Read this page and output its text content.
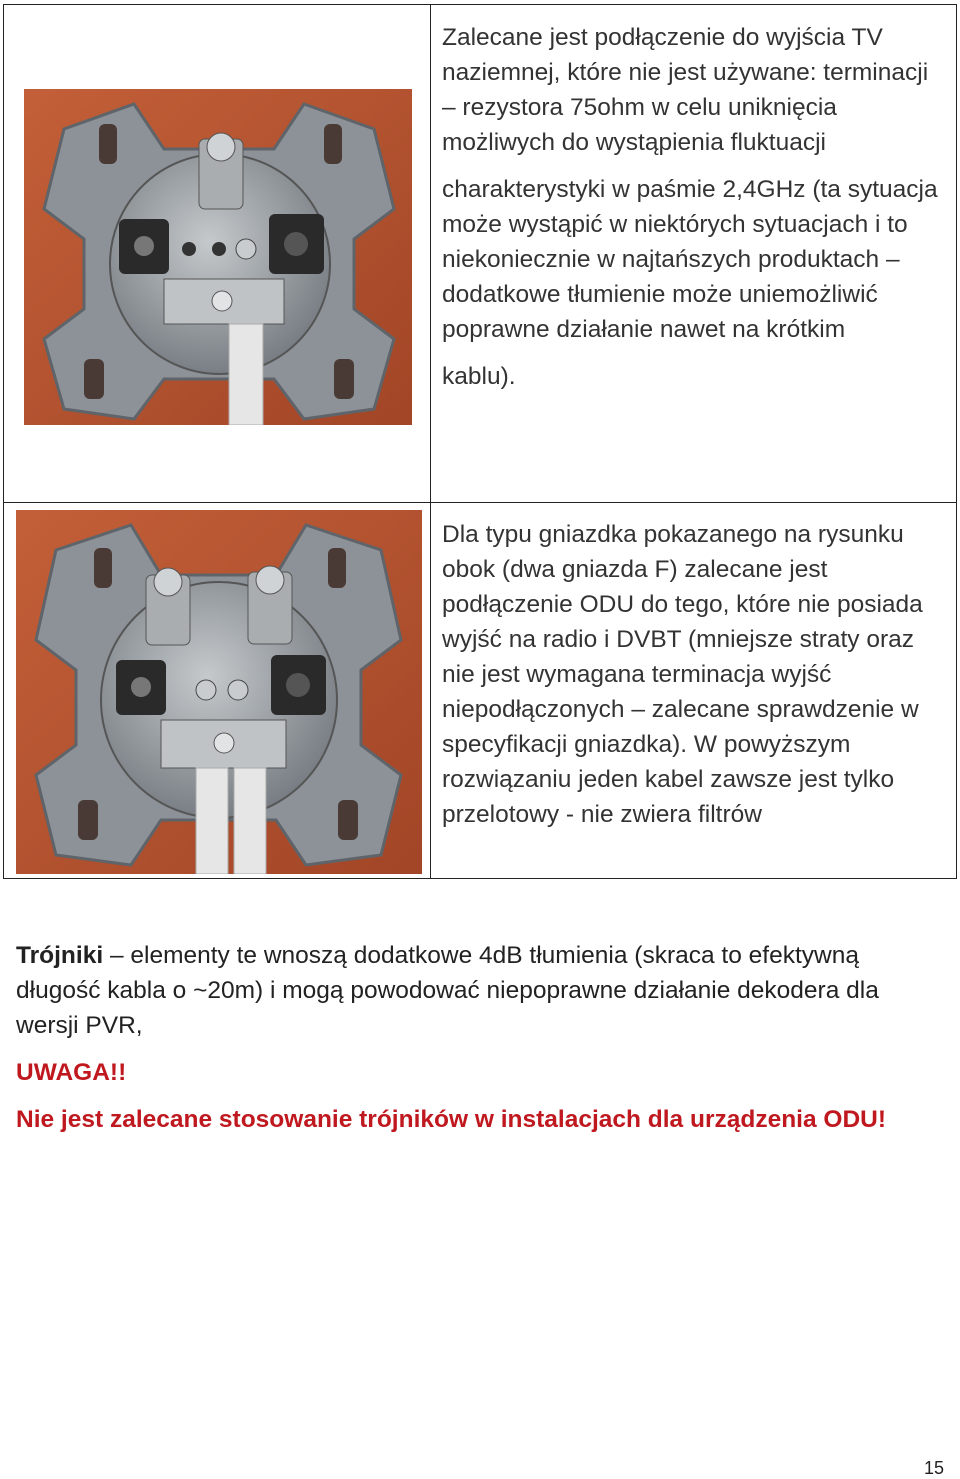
Zalecane jest podłączenie do wyjścia TV naziemnej, które nie jest używane: terminacji – rezystora 75ohm w celu uniknięcia możliwych do wystąpienia fluktuacji

charakterystyki w paśmie 2,4GHz (ta sytuacja może wystąpić w niektórych sytuacjach i to niekoniecznie w najtańszych produktach – dodatkowe tłumienie może uniemożliwić poprawne działanie nawet na krótkim

kablu).

Dla typu gniazdka pokazanego na rysunku obok (dwa gniazda F) zalecane jest podłączenie ODU do tego, które nie posiada wyjść na radio i DVBT (mniejsze straty oraz nie jest wymagana terminacja wyjść niepodłączonych – zalecane sprawdzenie w specyfikacji gniazdka). W powyższym rozwiązaniu jeden kabel zawsze jest tylko przelotowy - nie zwiera filtrów

Trójniki – elementy te wnoszą dodatkowe 4dB tłumienia (skraca to efektywną długość kabla o ~20m) i mogą powodować niepoprawne działanie dekodera dla wersji PVR,
UWAGA!!
Nie jest zalecane stosowanie trójników w instalacjach dla urządzenia ODU!
15
